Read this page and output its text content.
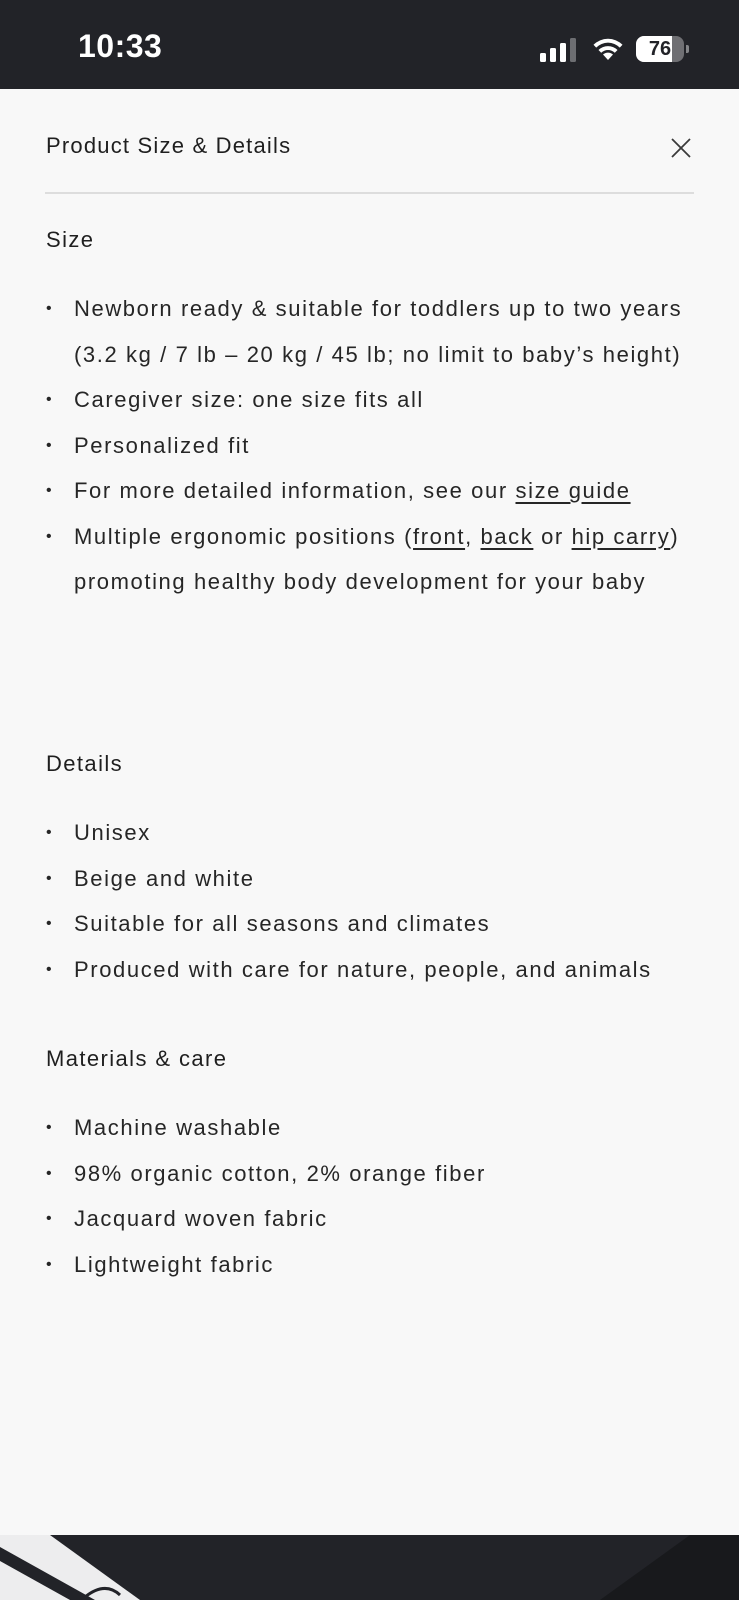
10:33	76
Product Size & Details
Size
• Newborn ready & suitable for toddlers up to two years (3.2 kg / 7 lb – 20 kg / 45 lb; no limit to baby’s height)
• Caregiver size: one size fits all
• Personalized fit
• For more detailed information, see our size guide
• Multiple ergonomic positions (front, back or hip carry) promoting healthy body development for your baby
Details
• Unisex
• Beige and white
• Suitable for all seasons and climates
• Produced with care for nature, people, and animals
Materials & care
• Machine washable
• 98% organic cotton, 2% orange fiber
• Jacquard woven fabric
• Lightweight fabric
